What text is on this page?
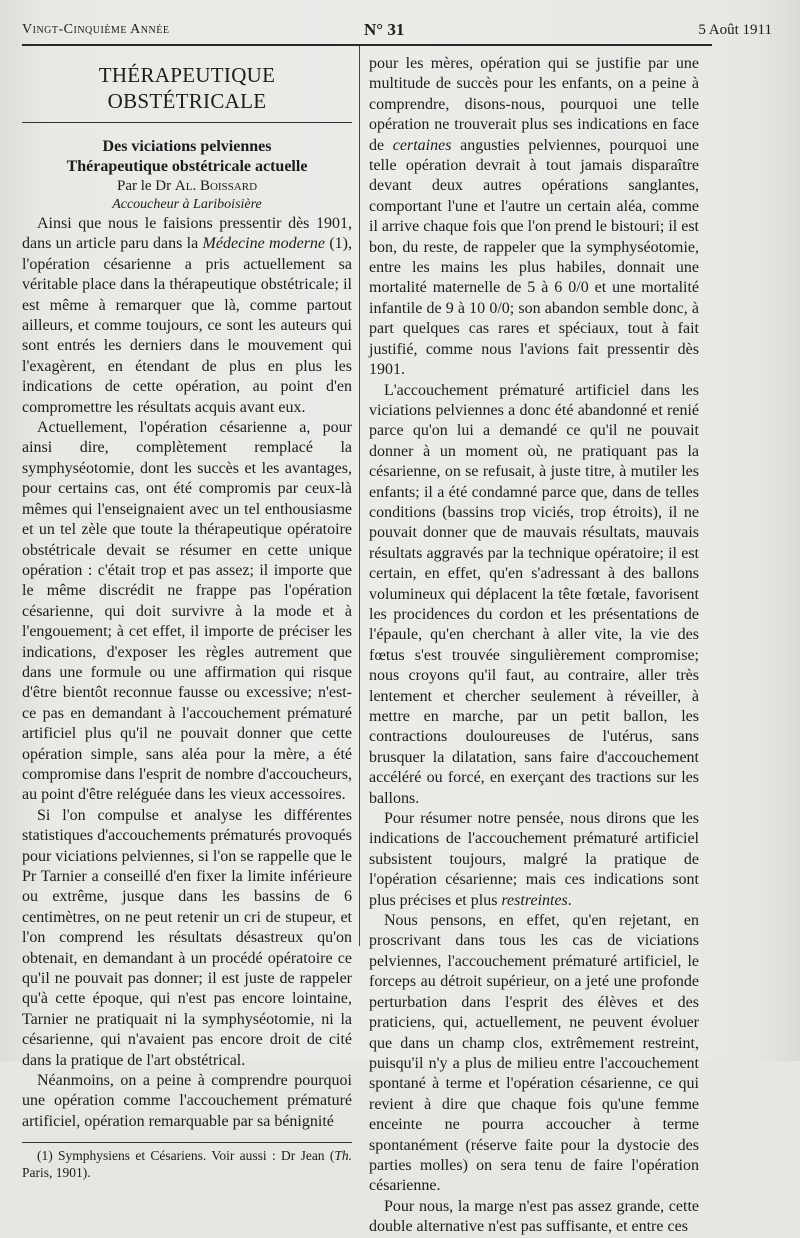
Vingt-Cinquième Année	N° 31	5 Août 1911
THÉRAPEUTIQUE OBSTÉTRICALE

Des viciations pelviennes

Thérapeutique obstétricale actuelle

Par le Dr Al. Boissard

Accoucheur à Lariboisière

Ainsi que nous le faisions pressentir dès 1901, dans un article paru dans la Médecine moderne (1), l'opération césarienne a pris actuellement sa véritable place dans la thérapeutique obstétricale; il est même à remarquer que là, comme partout ailleurs, et comme toujours, ce sont les auteurs qui sont entrés les derniers dans le mouvement qui l'exagèrent, en étendant de plus en plus les indications de cette opération, au point d'en compromettre les résultats acquis avant eux.

Actuellement, l'opération césarienne a, pour ainsi dire, complètement remplacé la symphyséotomie, dont les succès et les avantages, pour certains cas, ont été compromis par ceux-là mêmes qui l'enseignaient avec un tel enthousiasme et un tel zèle que toute la thérapeutique opératoire obstétricale devait se résumer en cette unique opération : c'était trop et pas assez; il importe que le même discrédit ne frappe pas l'opération césarienne, qui doit survivre à la mode et à l'engouement; à cet effet, il importe de préciser les indications, d'exposer les règles autrement que dans une formule ou une affirmation qui risque d'être bientôt reconnue fausse ou excessive; n'est-ce pas en demandant à l'accouchement prématuré artificiel plus qu'il ne pouvait donner que cette opération simple, sans aléa pour la mère, a été compromise dans l'esprit de nombre d'accoucheurs, au point d'être reléguée dans les vieux accessoires.

Si l'on compulse et analyse les différentes statistiques d'accouchements prématurés provoqués pour viciations pelviennes, si l'on se rappelle que le Pr Tarnier a conseillé d'en fixer la limite inférieure ou extrême, jusque dans les bassins de 6 centimètres, on ne peut retenir un cri de stupeur, et l'on comprend les résultats désastreux qu'on obtenait, en demandant à un procédé opératoire ce qu'il ne pouvait pas donner; il est juste de rappeler qu'à cette époque, qui n'est pas encore lointaine, Tarnier ne pratiquait ni la symphyséotomie, ni la césarienne, qui n'avaient pas encore droit de cité dans la pratique de l'art obstétrical.

Néanmoins, on a peine à comprendre pourquoi une opération comme l'accouchement prématuré artificiel, opération remarquable par sa bénignité

(1) Symphysiens et Césariens. Voir aussi : Dr Jean (Th. Paris, 1901).

pour les mères, opération qui se justifie par une multitude de succès pour les enfants, on a peine à comprendre, disons-nous, pourquoi une telle opération ne trouverait plus ses indications en face de certaines angusties pelviennes, pourquoi une telle opération devrait à tout jamais disparaître devant deux autres opérations sanglantes, comportant l'une et l'autre un certain aléa, comme il arrive chaque fois que l'on prend le bistouri; il est bon, du reste, de rappeler que la symphyséotomie, entre les mains les plus habiles, donnait une mortalité maternelle de 5 à 6 0/0 et une mortalité infantile de 9 à 10 0/0; son abandon semble donc, à part quelques cas rares et spéciaux, tout à fait justifié, comme nous l'avions fait pressentir dès 1901.

L'accouchement prématuré artificiel dans les viciations pelviennes a donc été abandonné et renié parce qu'on lui a demandé ce qu'il ne pouvait donner à un moment où, ne pratiquant pas la césarienne, on se refusait, à juste titre, à mutiler les enfants; il a été condamné parce que, dans de telles conditions (bassins trop viciés, trop étroits), il ne pouvait donner que de mauvais résultats, mauvais résultats aggravés par la technique opératoire; il est certain, en effet, qu'en s'adressant à des ballons volumineux qui déplacent la tête fœtale, favorisent les procidences du cordon et les présentations de l'épaule, qu'en cherchant à aller vite, la vie des fœtus s'est trouvée singulièrement compromise; nous croyons qu'il faut, au contraire, aller très lentement et chercher seulement à réveiller, à mettre en marche, par un petit ballon, les contractions douloureuses de l'utérus, sans brusquer la dilatation, sans faire d'accouchement accéléré ou forcé, en exerçant des tractions sur les ballons.

Pour résumer notre pensée, nous dirons que les indications de l'accouchement prématuré artificiel subsistent toujours, malgré la pratique de l'opération césarienne; mais ces indications sont plus précises et plus restreintes.

Nous pensons, en effet, qu'en rejetant, en proscrivant dans tous les cas de viciations pelviennes, l'accouchement prématuré artificiel, le forceps au détroit supérieur, on a jeté une profonde perturbation dans l'esprit des élèves et des praticiens, qui, actuellement, ne peuvent évoluer que dans un champ clos, extrêmement restreint, puisqu'il n'y a plus de milieu entre l'accouchement spontané à terme et l'opération césarienne, ce qui revient à dire que chaque fois qu'une femme enceinte ne pourra accoucher à terme spontanément (réserve faite pour la dystocie des parties molles) on sera tenu de faire l'opération césarienne.

Pour nous, la marge n'est pas assez grande, cette double alternative n'est pas suffisante, et entre ces
